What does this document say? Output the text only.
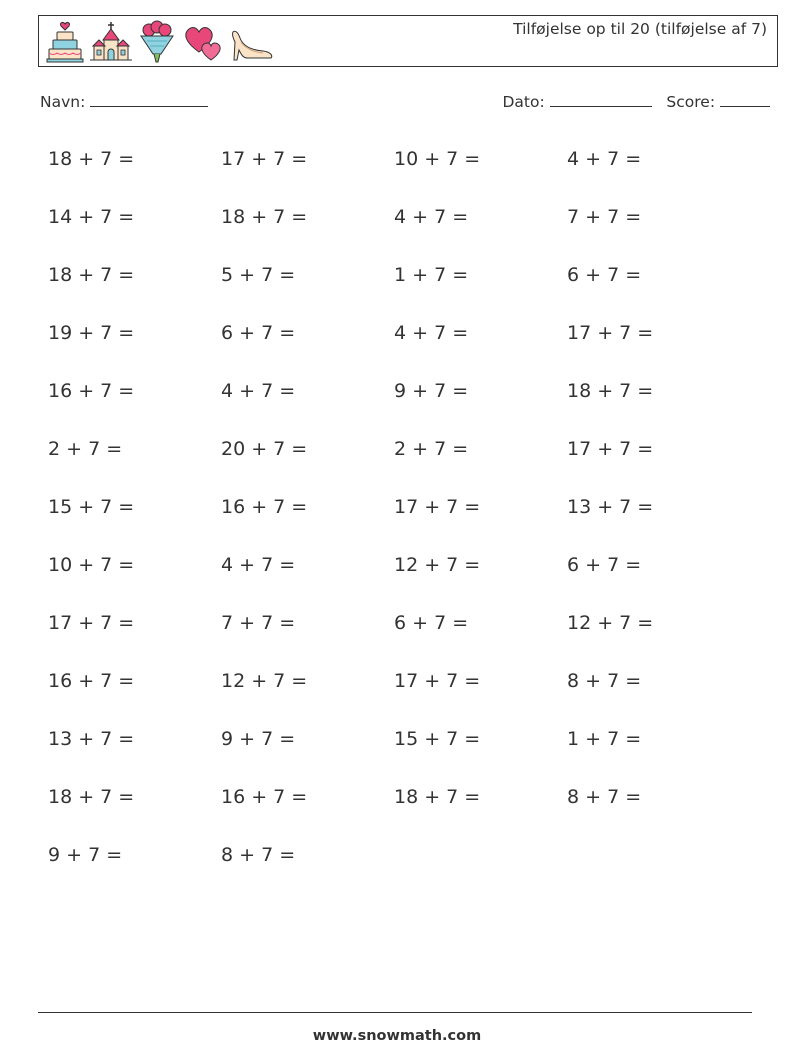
Tilføjelse op til 20 (tilføjelse af 7)
Navn:	Dato:	Score:
18 + 7 =	17 + 7 =	10 + 7 =	4 + 7 =
14 + 7 =	18 + 7 =	4 + 7 =	7 + 7 =
18 + 7 =	5 + 7 =	1 + 7 =	6 + 7 =
19 + 7 =	6 + 7 =	4 + 7 =	17 + 7 =
16 + 7 =	4 + 7 =	9 + 7 =	18 + 7 =
2 + 7 =	20 + 7 =	2 + 7 =	17 + 7 =
15 + 7 =	16 + 7 =	17 + 7 =	13 + 7 =
10 + 7 =	4 + 7 =	12 + 7 =	6 + 7 =
17 + 7 =	7 + 7 =	6 + 7 =	12 + 7 =
16 + 7 =	12 + 7 =	17 + 7 =	8 + 7 =
13 + 7 =	9 + 7 =	15 + 7 =	1 + 7 =
18 + 7 =	16 + 7 =	18 + 7 =	8 + 7 =
9 + 7 =	8 + 7 =
www.snowmath.com
